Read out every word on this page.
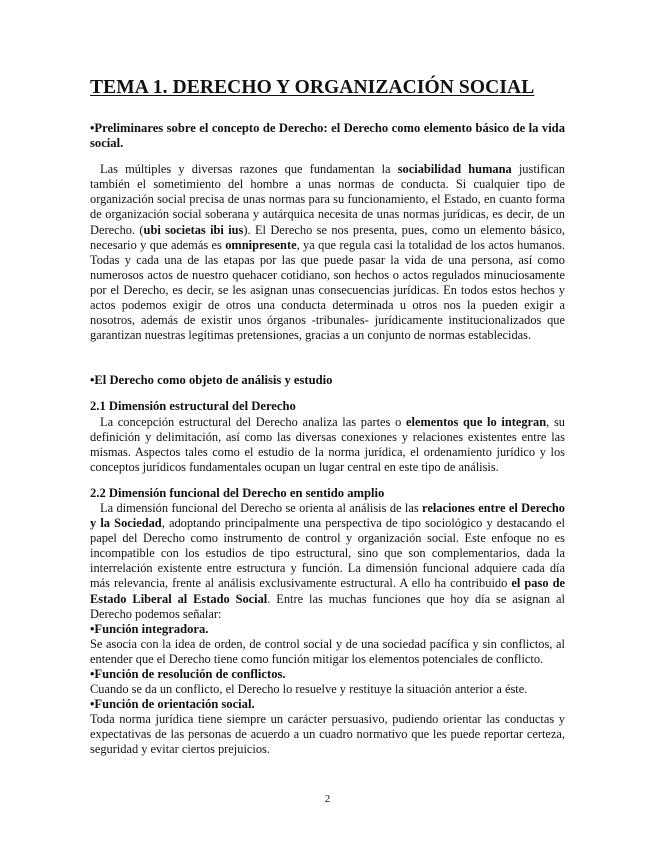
TEMA 1. DERECHO Y ORGANIZACIÓN SOCIAL

•Preliminares sobre el concepto de Derecho: el Derecho como elemento básico de la vida social.

Las múltiples y diversas razones que fundamentan la sociabilidad humana justifican también el sometimiento del hombre a unas normas de conducta. Si cualquier tipo de organización social precisa de unas normas para su funcionamiento, el Estado, en cuanto forma de organización social soberana y autárquica necesita de unas normas jurídicas, es decir, de un Derecho. (ubi societas ibi ius). El Derecho se nos presenta, pues, como un elemento básico, necesario y que además es omnipresente, ya que regula casi la totalidad de los actos humanos. Todas y cada una de las etapas por las que puede pasar la vida de una persona, así como numerosos actos de nuestro quehacer cotidiano, son hechos o actos regulados minuciosamente por el Derecho, es decir, se les asignan unas consecuencias jurídicas. En todos estos hechos y actos podemos exigir de otros una conducta determinada u otros nos la pueden exigir a nosotros, además de existir unos órganos -tribunales- jurídicamente institucionalizados que garantizan nuestras legítimas pretensiones, gracias a un conjunto de normas establecidas.

•El Derecho como objeto de análisis y estudio

2.1 Dimensión estructural del Derecho

La concepción estructural del Derecho analiza las partes o elementos que lo integran, su definición y delimitación, así como las diversas conexiones y relaciones existentes entre las mismas. Aspectos tales como el estudio de la norma jurídica, el ordenamiento jurídico y los conceptos jurídicos fundamentales ocupan un lugar central en este tipo de análisis.

2.2 Dimensión funcional del Derecho en sentido amplio

La dimensión funcional del Derecho se orienta al análisis de las relaciones entre el Derecho y la Sociedad, adoptando principalmente una perspectiva de tipo sociológico y destacando el papel del Derecho como instrumento de control y organización social. Este enfoque no es incompatible con los estudios de tipo estructural, sino que son complementarios, dada la interrelación existente entre estructura y función. La dimensión funcional adquiere cada día más relevancia, frente al análisis exclusivamente estructural. A ello ha contribuido el paso de Estado Liberal al Estado Social. Entre las muchas funciones que hoy día se asignan al Derecho podemos señalar:

•Función integradora.

Se asocia con la idea de orden, de control social y de una sociedad pacífica y sin conflictos, al entender que el Derecho tiene como función mitigar los elementos potenciales de conflicto.

•Función de resolución de conflictos.

Cuando se da un conflicto, el Derecho lo resuelve y restituye la situación anterior a éste.

•Función de orientación social.

Toda norma jurídica tiene siempre un carácter persuasivo, pudiendo orientar las conductas y expectativas de las personas de acuerdo a un cuadro normativo que les puede reportar certeza, seguridad y evitar ciertos prejuicios.

2
